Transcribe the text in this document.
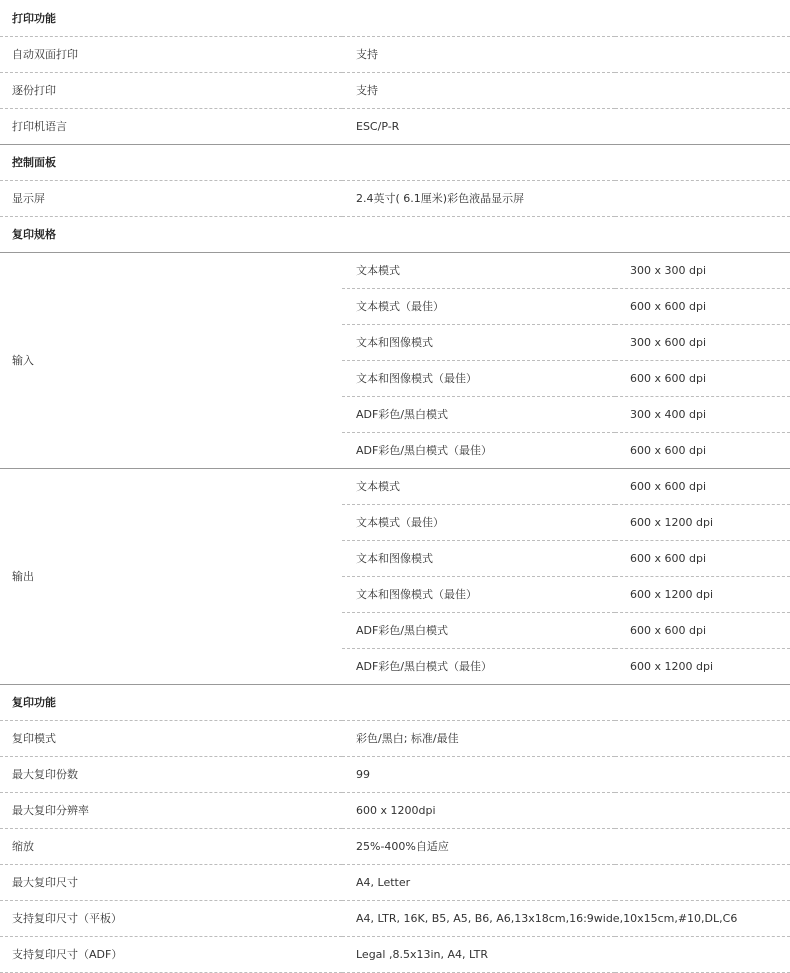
打印功能		
自动双面打印	支持	
逐份打印	支持	
打印机语言	ESC/P-R	
控制面板		
显示屏	2.4英寸( 6.1厘米)彩色液晶显示屏	
复印规格		
输入	文本模式	300 x 300 dpi
	文本模式（最佳）	600 x 600 dpi
	文本和图像模式	300 x 600 dpi
	文本和图像模式（最佳）	600 x 600 dpi
	ADF彩色/黑白模式	300 x 400 dpi
	ADF彩色/黑白模式（最佳）	600 x 600 dpi
输出	文本模式	600 x 600 dpi
	文本模式（最佳）	600 x 1200 dpi
	文本和图像模式	600 x 600 dpi
	文本和图像模式（最佳）	600 x 1200 dpi
	ADF彩色/黑白模式	600 x 600 dpi
	ADF彩色/黑白模式（最佳）	600 x 1200 dpi
复印功能		
复印模式	彩色/黑白; 标准/最佳	
最大复印份数	99	
最大复印分辨率	600 x 1200dpi	
缩放	25%-400%自适应	
最大复印尺寸	A4, Letter	
支持复印尺寸（平板）	A4, LTR, 16K, B5, A5, B6, A6,13x18cm,16:9wide,10x15cm,#10,DL,C6	
支持复印尺寸（ADF）	Legal ,8.5x13in, A4, LTR	
